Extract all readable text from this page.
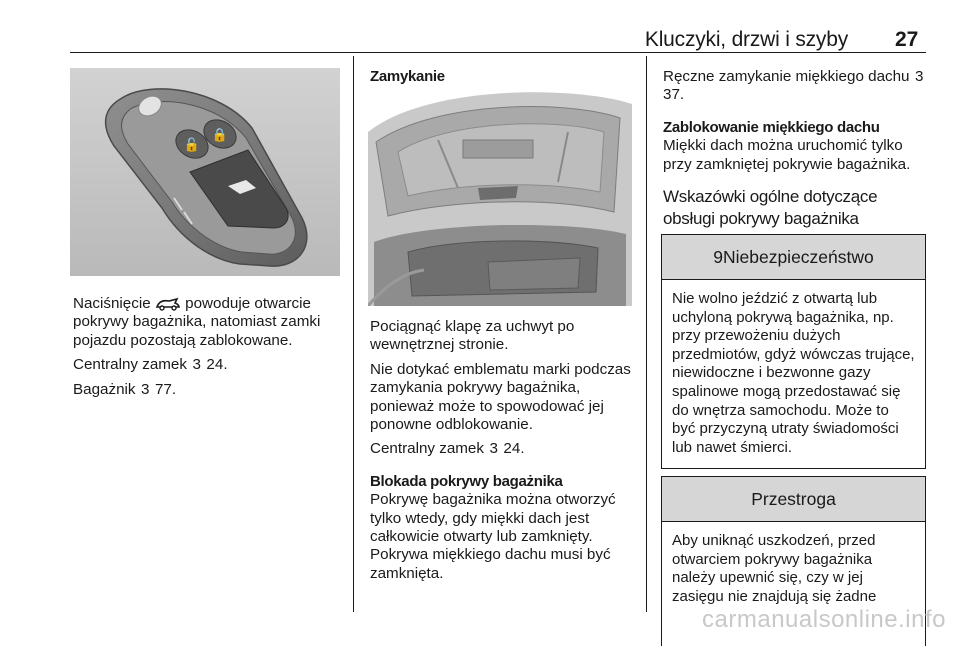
Kluczyki, drzwi i szyby 27
🔓
🔒

Naciśnięcie powoduje otwarcie pokrywy bagażnika, natomiast zamki pojazdu pozostają zablokowane.

Centralny zamek 3 24.

Bagażnik 3 77.

Zamykanie

Pociągnąć klapę za uchwyt po wewnętrznej stronie.

Nie dotykać emblematu marki podczas zamykania pokrywy bagażnika, ponieważ może to spowodować jej ponowne odblokowanie.

Centralny zamek 3 24.

Blokada pokrywy bagażnika

Pokrywę bagażnika można otworzyć tylko wtedy, gdy miękki dach jest całkowicie otwarty lub zamknięty. Pokrywa miękkiego dachu musi być zamknięta.

Ręczne zamykanie miękkiego dachu 3 37.

Zablokowanie miękkiego dachu

Miękki dach można uruchomić tylko przy zamkniętej pokrywie bagażnika.

Wskazówki ogólne dotyczące obsługi pokrywy bagażnika

9 Niebezpieczeństwo
Nie wolno jeździć z otwartą lub uchyloną pokrywą bagażnika, np. przy przewożeniu dużych przedmiotów, gdyż wówczas trujące, niewidoczne i bezwonne gazy spalinowe mogą przedostawać się do wnętrza samochodu. Może to być przyczyną utraty świadomości lub nawet śmierci.
Przestroga
Aby uniknąć uszkodzeń, przed otwarciem pokrywy bagażnika należy upewnić się, czy w jej zasięgu nie znajdują się żadne
carmanualsonline.info
